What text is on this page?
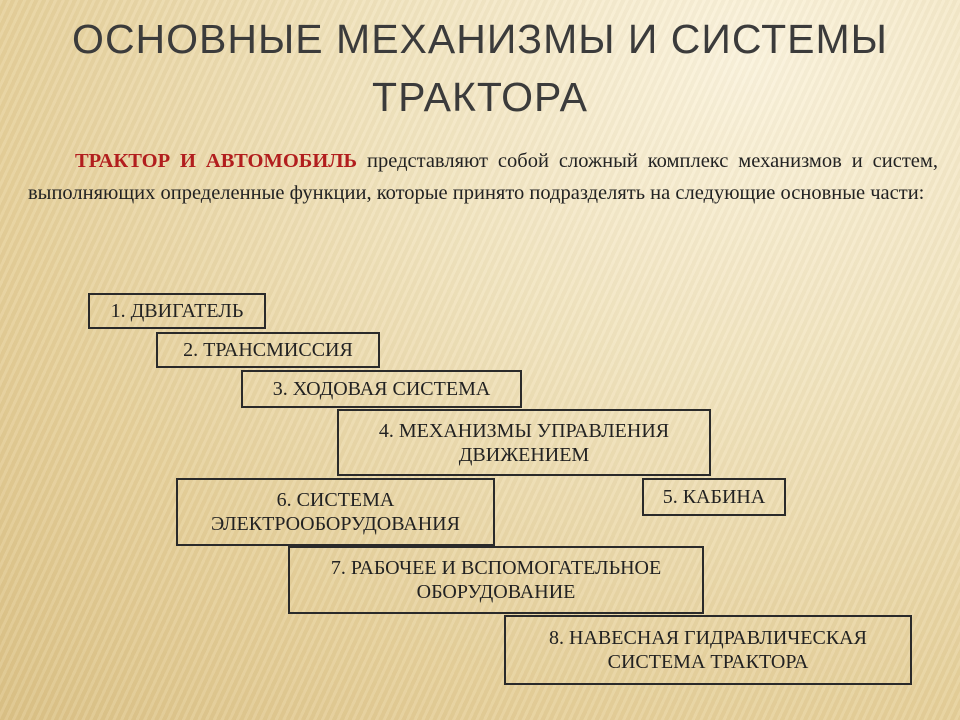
ОСНОВНЫЕ МЕХАНИЗМЫ И СИСТЕМЫ
ТРАКТОРА

ТРАКТОР И АВТОМОБИЛЬ представляют собой сложный комплекс механизмов и систем, выполняющих определенные функции, которые принято подразделять на следующие основные части:

1. ДВИГАТЕЛЬ
2. ТРАНСМИССИЯ
3. ХОДОВАЯ СИСТЕМА
4. МЕХАНИЗМЫ УПРАВЛЕНИЯ
ДВИЖЕНИЕМ
5. КАБИНА
6. СИСТЕМА
ЭЛЕКТРООБОРУДОВАНИЯ
7. РАБОЧЕЕ И ВСПОМОГАТЕЛЬНОЕ
ОБОРУДОВАНИЕ
8. НАВЕСНАЯ ГИДРАВЛИЧЕСКАЯ
СИСТЕМА ТРАКТОРА
